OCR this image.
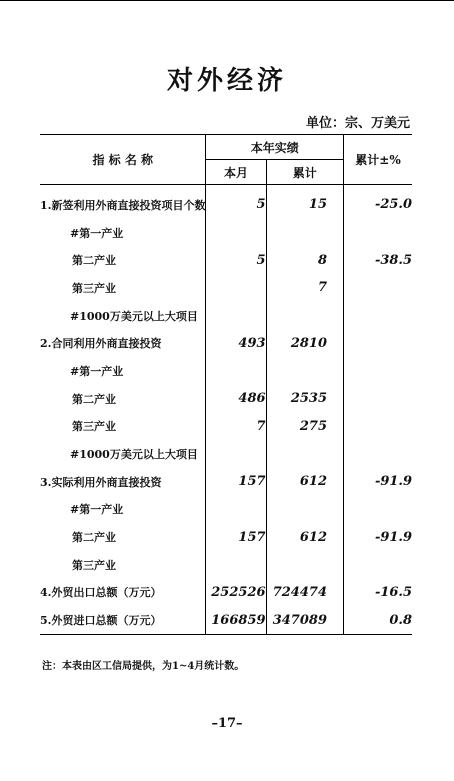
对外经济
单位：宗、万美元
指 标 名 称	本年实绩		累计±%
	本月	累计	

1.新签利用外商直接投资项目个数	5	15	-25.0
#第一产业			
第二产业	5	8	-38.5
第三产业		7	
#1000万美元以上大项目			
2.合同利用外商直接投资	493	2810	
#第一产业			
第二产业	486	2535	
第三产业	7	275	
#1000万美元以上大项目			
3.实际利用外商直接投资	157	612	-91.9
#第一产业			
第二产业	157	612	-91.9
第三产业			
4.外贸出口总额（万元）	252526	724474	-16.5
5.外贸进口总额（万元）	166859	347089	0.8
注：本表由区工信局提供，为1~4月统计数。
–17–
